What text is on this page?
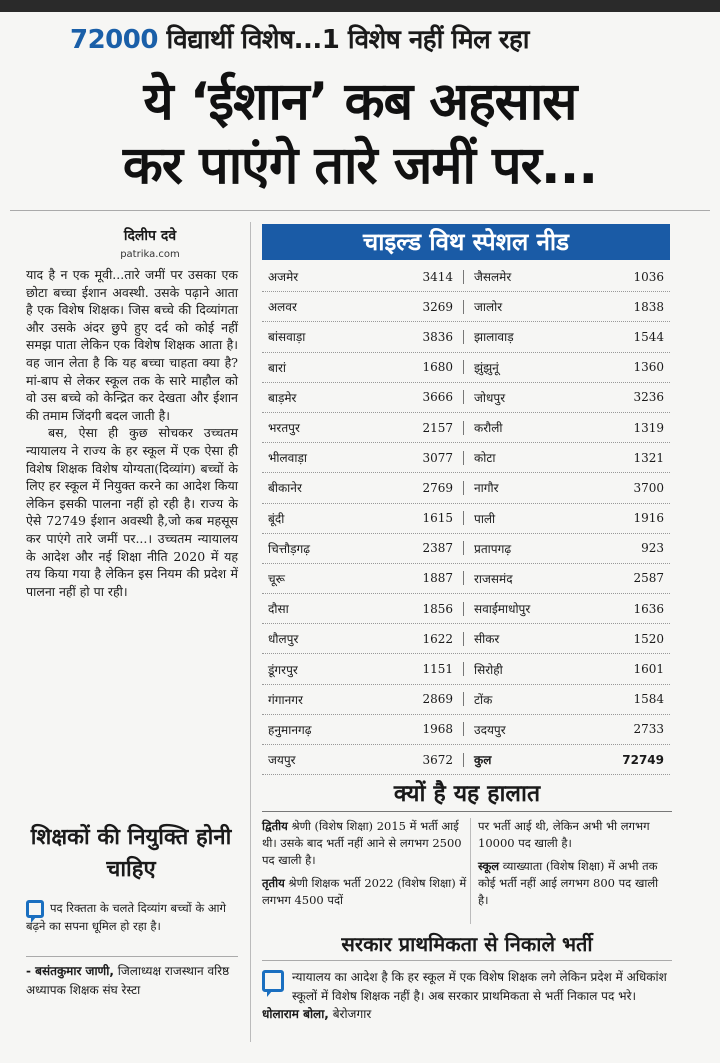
72000 विद्यार्थी विशेष...1 विशेष नहीं मिल रहा
ये ‘ईशान’ कब अहसास
कर पाएंगे तारे जमीं पर...
दिलीप दवे
patrika.com

याद है न एक मूवी...तारे जमीं पर उसका एक छोटा बच्चा ईशान अवस्थी. उसके पढ़ाने आता है एक विशेष शिक्षक। जिस बच्चे की दिव्यांगता और उसके अंदर छुपे हुए दर्द को कोई नहीं समझ पाता लेकिन एक विशेष शिक्षक आता है। वह जान लेता है कि यह बच्चा चाहता क्या है? मां-बाप से लेकर स्कूल तक के सारे माहौल को वो उस बच्चे को केन्द्रित कर देखता और ईशान की तमाम जिंदगी बदल जाती है।

बस, ऐसा ही कुछ सोचकर उच्चतम न्यायालय ने राज्य के हर स्कूल में एक ऐसा ही विशेष शिक्षक विशेष योग्यता(दिव्यांग) बच्चों के लिए हर स्कूल में नियुक्त करने का आदेश किया लेकिन इसकी पालना नहीं हो रही है। राज्य के ऐसे 72749 ईशान अवस्थी है,जो कब महसूस कर पाएंगे तारे जमीं पर...। उच्चतम न्यायालय के आदेश और नई शिक्षा नीति 2020 में यह तय किया गया है लेकिन इस नियम की प्रदेश में पालना नहीं हो पा रही।

शिक्षकों की नियुक्ति होनी चाहिए
पद रिक्तता के चलते दिव्यांग बच्चों के आगे बढ़ने का सपना धूमिल हो रहा है।
- बसंतकुमार जाणी, जिलाध्यक्ष राजस्थान वरिष्ठ अध्यापक शिक्षक संघ रेस्टा
चाइल्ड विथ स्पेशल नीड
अजमेर	3414	जैसलमेर	1036
अलवर	3269	जालोर	1838
बांसवाड़ा	3836	झालावाड़	1544
बारां	1680	झुंझुनूं	1360
बाड़मेर	3666	जोधपुर	3236
भरतपुर	2157	करौली	1319
भीलवाड़ा	3077	कोटा	1321
बीकानेर	2769	नागौर	3700
बूंदी	1615	पाली	1916
चित्तौड़गढ़	2387	प्रतापगढ़	923
चूरू	1887	राजसमंद	2587
दौसा	1856	सवाईमाधोपुर	1636
धौलपुर	1622	सीकर	1520
डूंगरपुर	1151	सिरोही	1601
गंगानगर	2869	टोंक	1584
हनुमानगढ़	1968	उदयपुर	2733
जयपुर	3672	कुल	72749
क्यों है यह हालात

द्वितीय श्रेणी (विशेष शिक्षा) 2015 में भर्ती आई थी। उसके बाद भर्ती नहीं आने से लगभग 2500 पद खाली है।

तृतीय श्रेणी शिक्षक भर्ती 2022 (विशेष शिक्षा) में लगभग 4500 पदों

पर भर्ती आई थी, लेकिन अभी भी लगभग 10000 पद खाली है।

स्कूल व्याख्याता (विशेष शिक्षा) में अभी तक कोई भर्ती नहीं आई लगभग 800 पद खाली है।

सरकार प्राथमिकता से निकाले भर्ती
न्यायालय का आदेश है कि हर स्कूल में एक विशेष शिक्षक लगे लेकिन प्रदेश में अधिकांश स्कूलों में विशेष शिक्षक नहीं है। अब सरकार प्राथमिकता से भर्ती निकाल पद भरे। धोलाराम बोला, बेरोजगार
